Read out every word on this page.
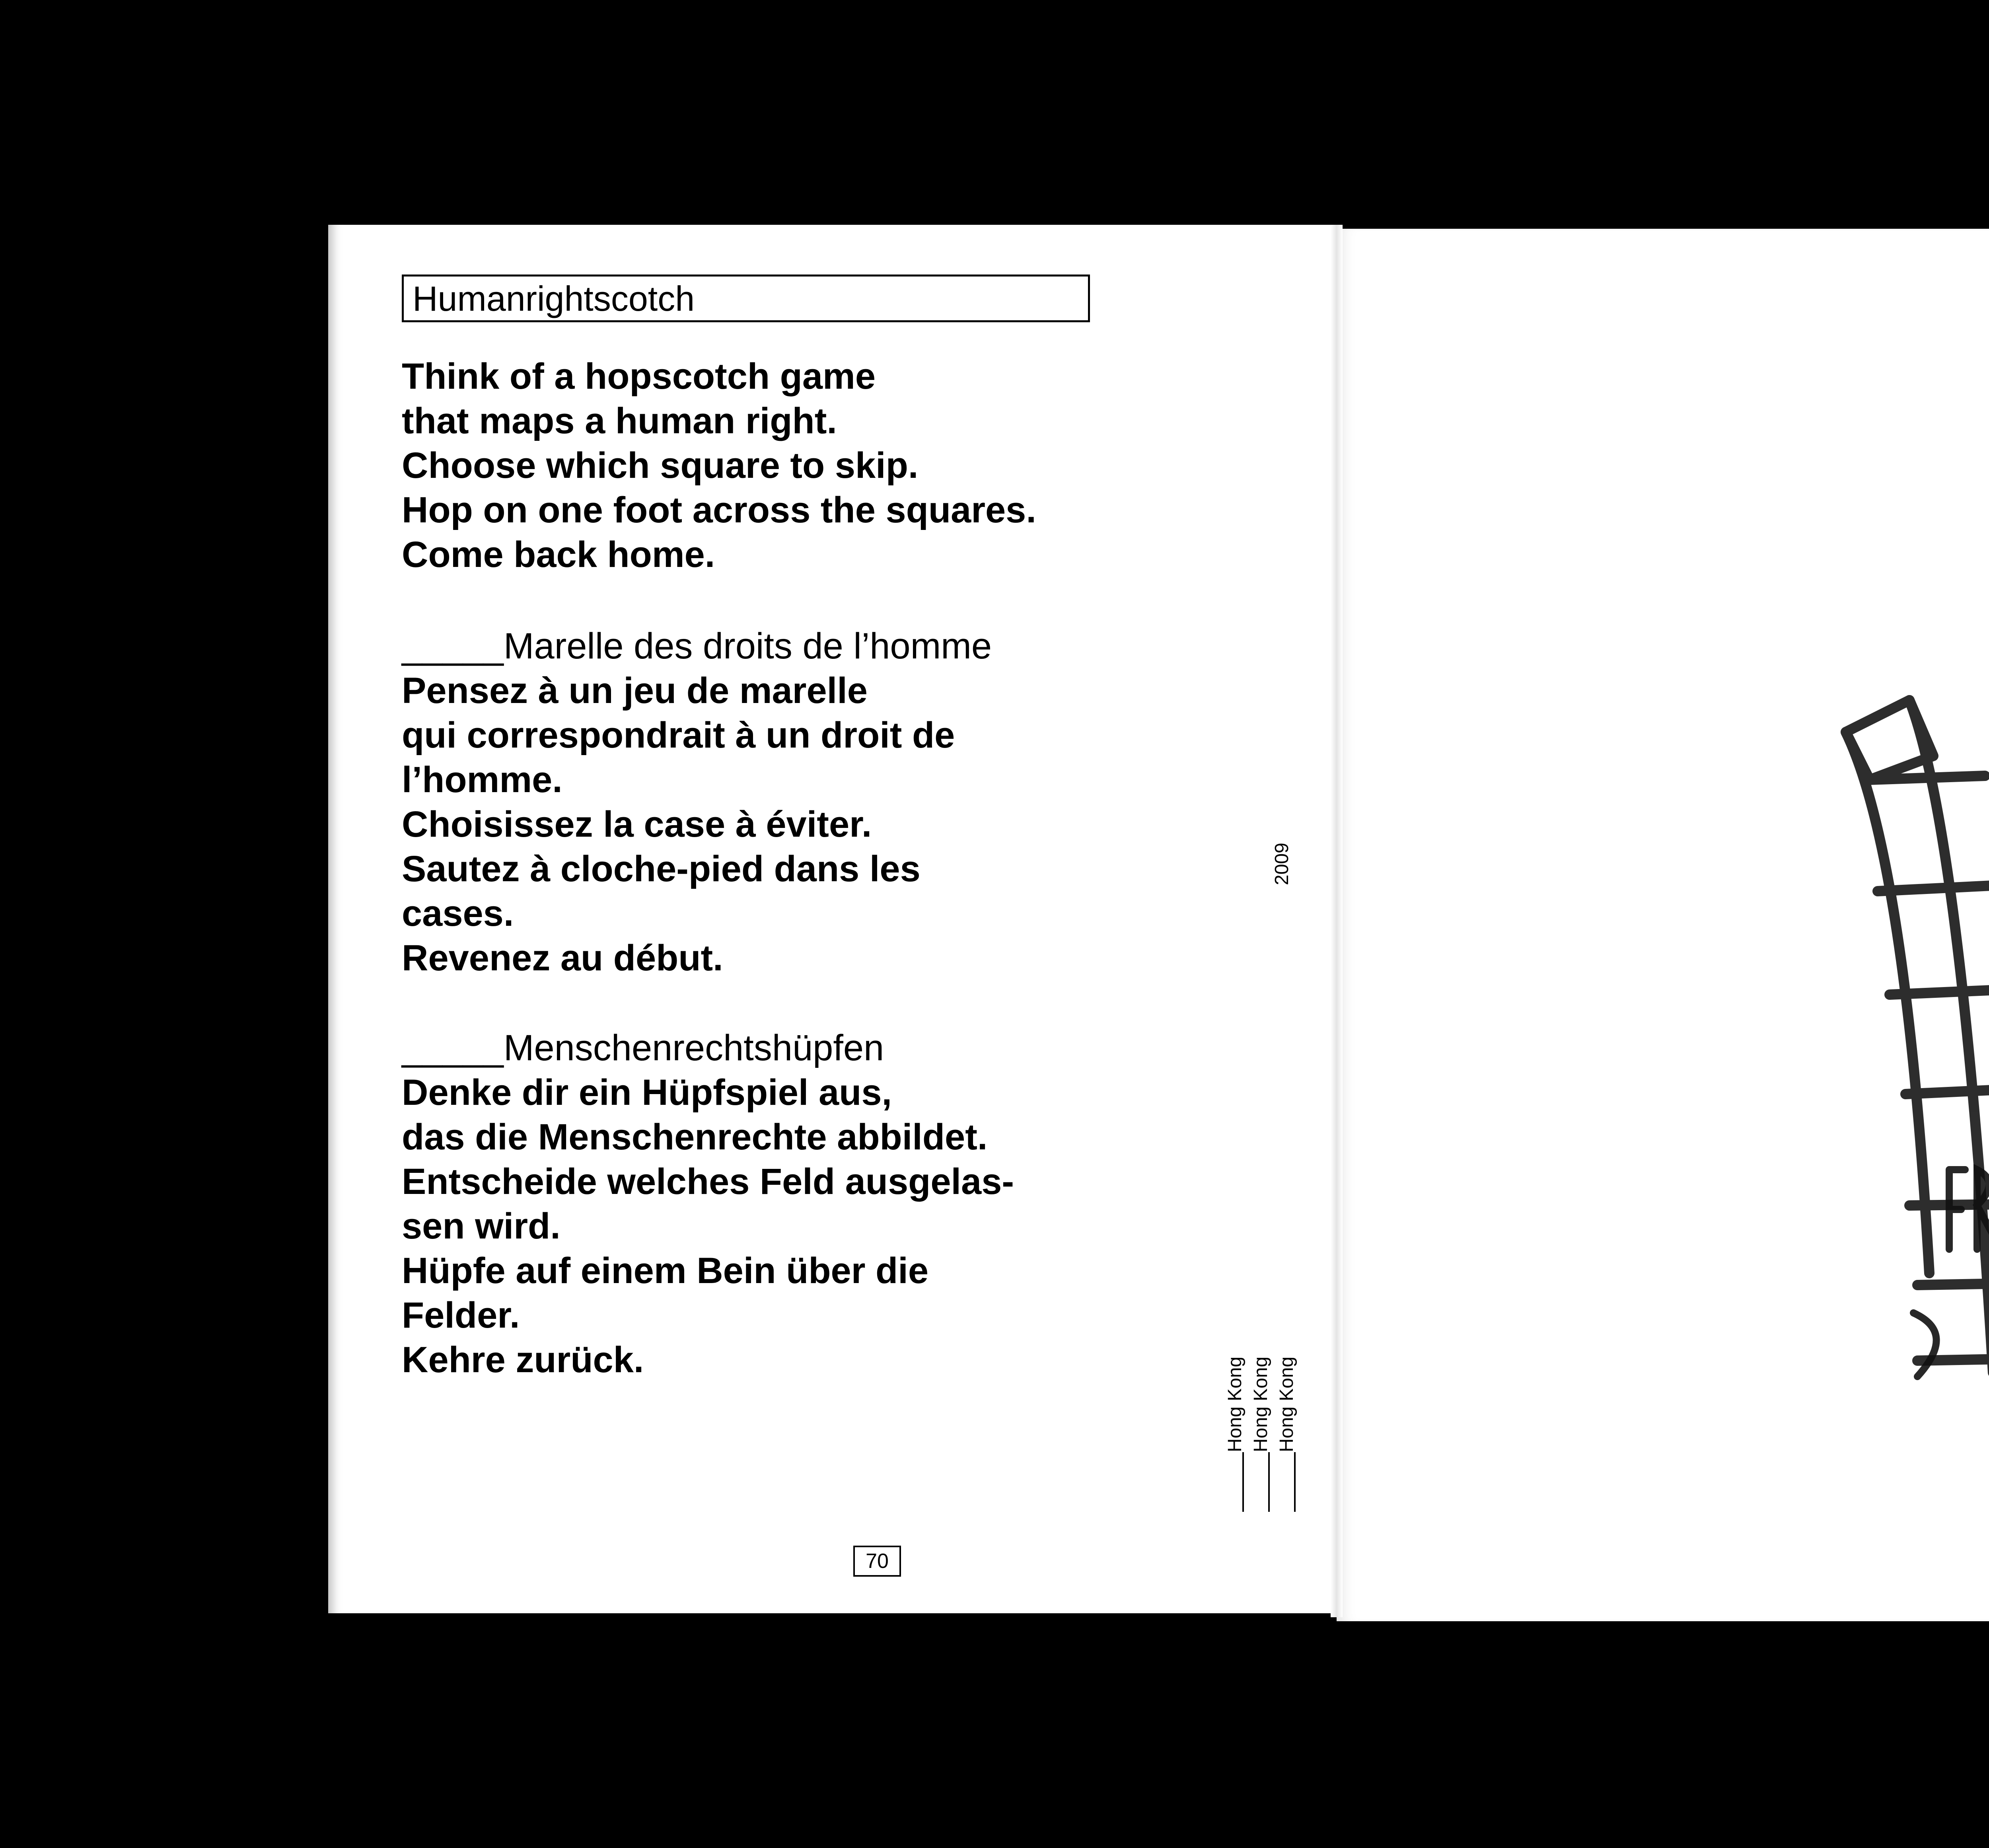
Humanrightscotch
Think of a hopscotch game
that maps a human right.
Choose which square to skip.
Hop on one foot across the squares.
Come back home.
_____Marelle des droits de l’homme
Pensez à un jeu de marelle
qui correspondrait à un droit de
l’homme.
Choisissez la case à éviter.
Sautez à cloche-pied dans les
cases.
Revenez au début.
_____Menschenrechtshüpfen
Denke dir ein Hüpfspiel aus,
das die Menschenrechte abbildet.
Entscheide welches Feld ausgelas-
sen wird.
Hüpfe auf einem Bein über die
Felder.
Kehre zurück.
70
2009
Hong Kong Hong Kong Hong Kong
